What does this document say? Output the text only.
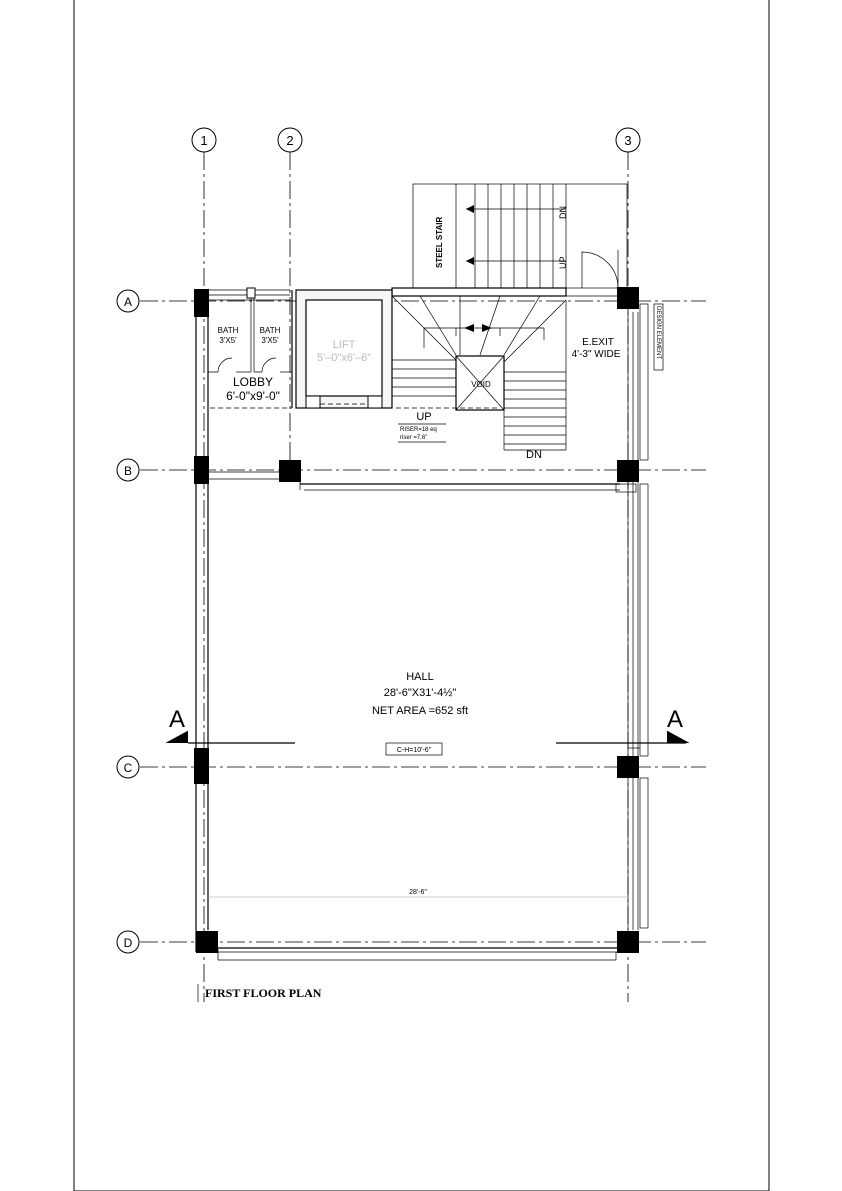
1	2	3
A
B
C
D
BATH
3'X5'
BATH
3'X5'
LOBBY
6'-0"x9'-0"
LIFT
5'–0"x6'–6"
VOID
UP
RISER=18 eq
riser =7.6"
DN
E.EXIT
4'-3" WIDE
STEEL STAIR
DN
UP
DESIGN ELEMENT
HALL
28'-6"X31'-4½"
NET AREA =652 sft
C-H=10'-6"
A	A
28'-6"
FIRST FLOOR PLAN
